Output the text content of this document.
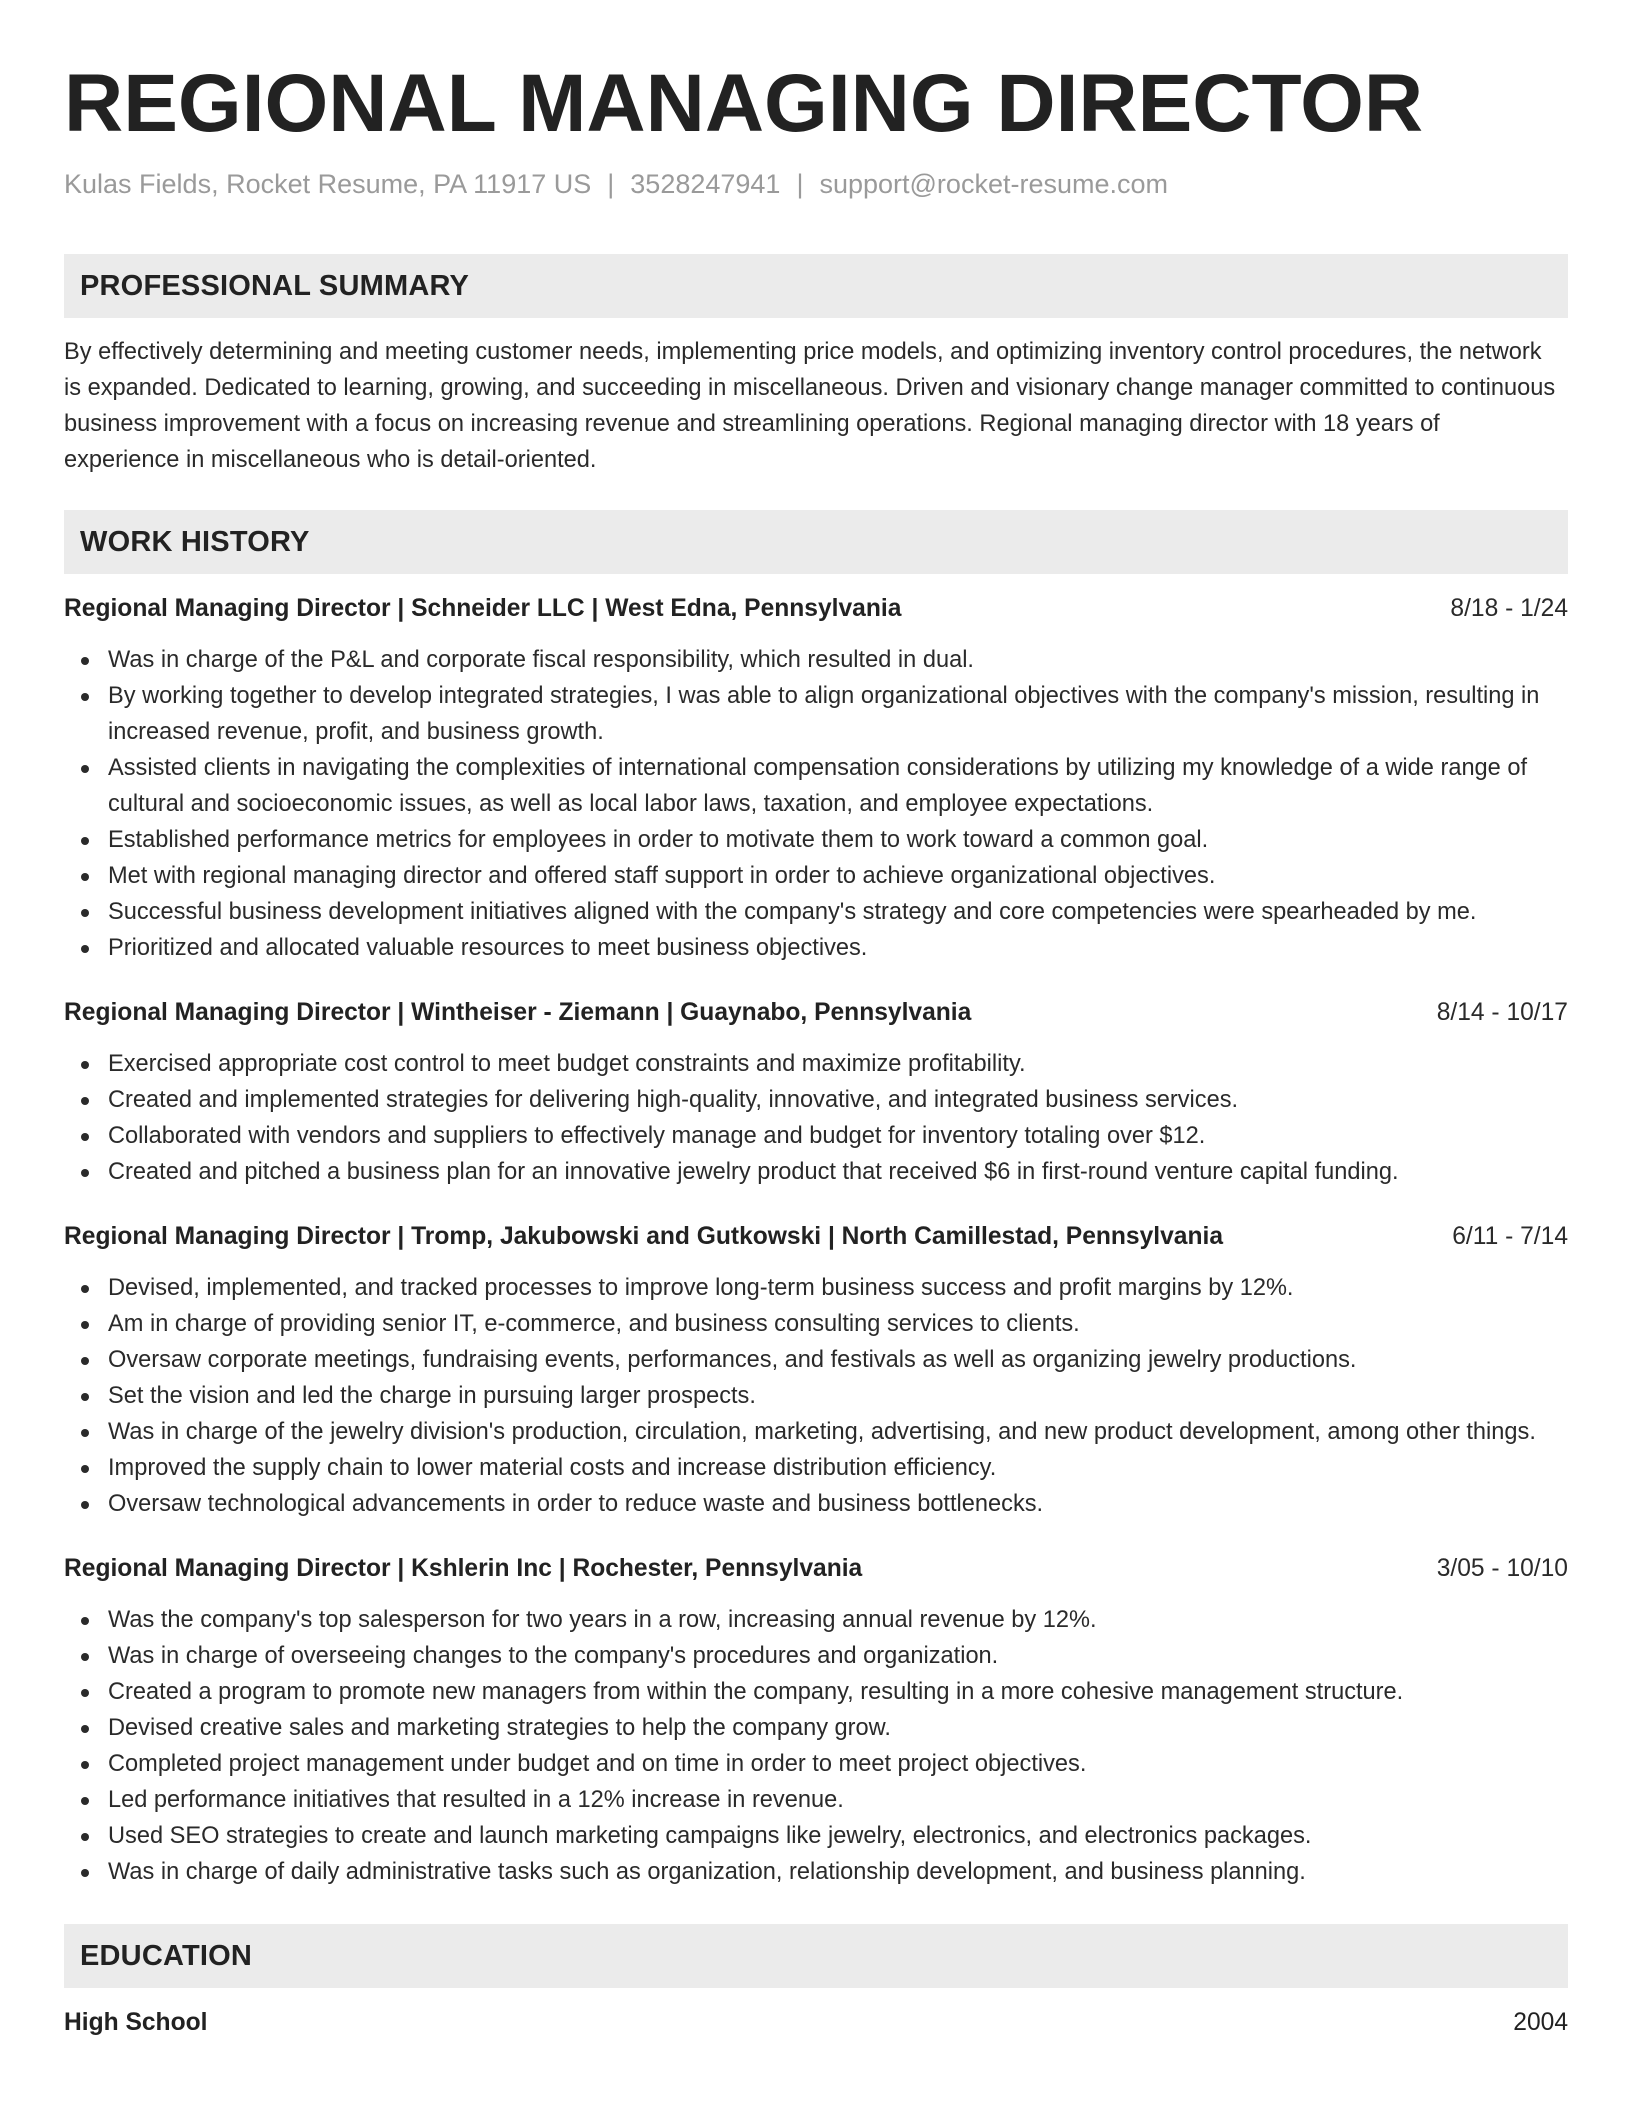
REGIONAL MANAGING DIRECTOR
Kulas Fields, Rocket Resume, PA 11917 US | 3528247941 | support@rocket-resume.com
PROFESSIONAL SUMMARY
By effectively determining and meeting customer needs, implementing price models, and optimizing inventory control procedures, the network is expanded. Dedicated to learning, growing, and succeeding in miscellaneous. Driven and visionary change manager committed to continuous business improvement with a focus on increasing revenue and streamlining operations. Regional managing director with 18 years of experience in miscellaneous who is detail-oriented.
WORK HISTORY
Regional Managing Director | Schneider LLC | West Edna, Pennsylvania	8/18 - 1/24
Was in charge of the P&L and corporate fiscal responsibility, which resulted in dual.
By working together to develop integrated strategies, I was able to align organizational objectives with the company's mission, resulting in increased revenue, profit, and business growth.
Assisted clients in navigating the complexities of international compensation considerations by utilizing my knowledge of a wide range of cultural and socioeconomic issues, as well as local labor laws, taxation, and employee expectations.
Established performance metrics for employees in order to motivate them to work toward a common goal.
Met with regional managing director and offered staff support in order to achieve organizational objectives.
Successful business development initiatives aligned with the company's strategy and core competencies were spearheaded by me.
Prioritized and allocated valuable resources to meet business objectives.
Regional Managing Director | Wintheiser - Ziemann | Guaynabo, Pennsylvania	8/14 - 10/17
Exercised appropriate cost control to meet budget constraints and maximize profitability.
Created and implemented strategies for delivering high-quality, innovative, and integrated business services.
Collaborated with vendors and suppliers to effectively manage and budget for inventory totaling over $12.
Created and pitched a business plan for an innovative jewelry product that received $6 in first-round venture capital funding.
Regional Managing Director | Tromp, Jakubowski and Gutkowski | North Camillestad, Pennsylvania	6/11 - 7/14
Devised, implemented, and tracked processes to improve long-term business success and profit margins by 12%.
Am in charge of providing senior IT, e-commerce, and business consulting services to clients.
Oversaw corporate meetings, fundraising events, performances, and festivals as well as organizing jewelry productions.
Set the vision and led the charge in pursuing larger prospects.
Was in charge of the jewelry division's production, circulation, marketing, advertising, and new product development, among other things.
Improved the supply chain to lower material costs and increase distribution efficiency.
Oversaw technological advancements in order to reduce waste and business bottlenecks.
Regional Managing Director | Kshlerin Inc | Rochester, Pennsylvania	3/05 - 10/10
Was the company's top salesperson for two years in a row, increasing annual revenue by 12%.
Was in charge of overseeing changes to the company's procedures and organization.
Created a program to promote new managers from within the company, resulting in a more cohesive management structure.
Devised creative sales and marketing strategies to help the company grow.
Completed project management under budget and on time in order to meet project objectives.
Led performance initiatives that resulted in a 12% increase in revenue.
Used SEO strategies to create and launch marketing campaigns like jewelry, electronics, and electronics packages.
Was in charge of daily administrative tasks such as organization, relationship development, and business planning.
EDUCATION
High School	2004
